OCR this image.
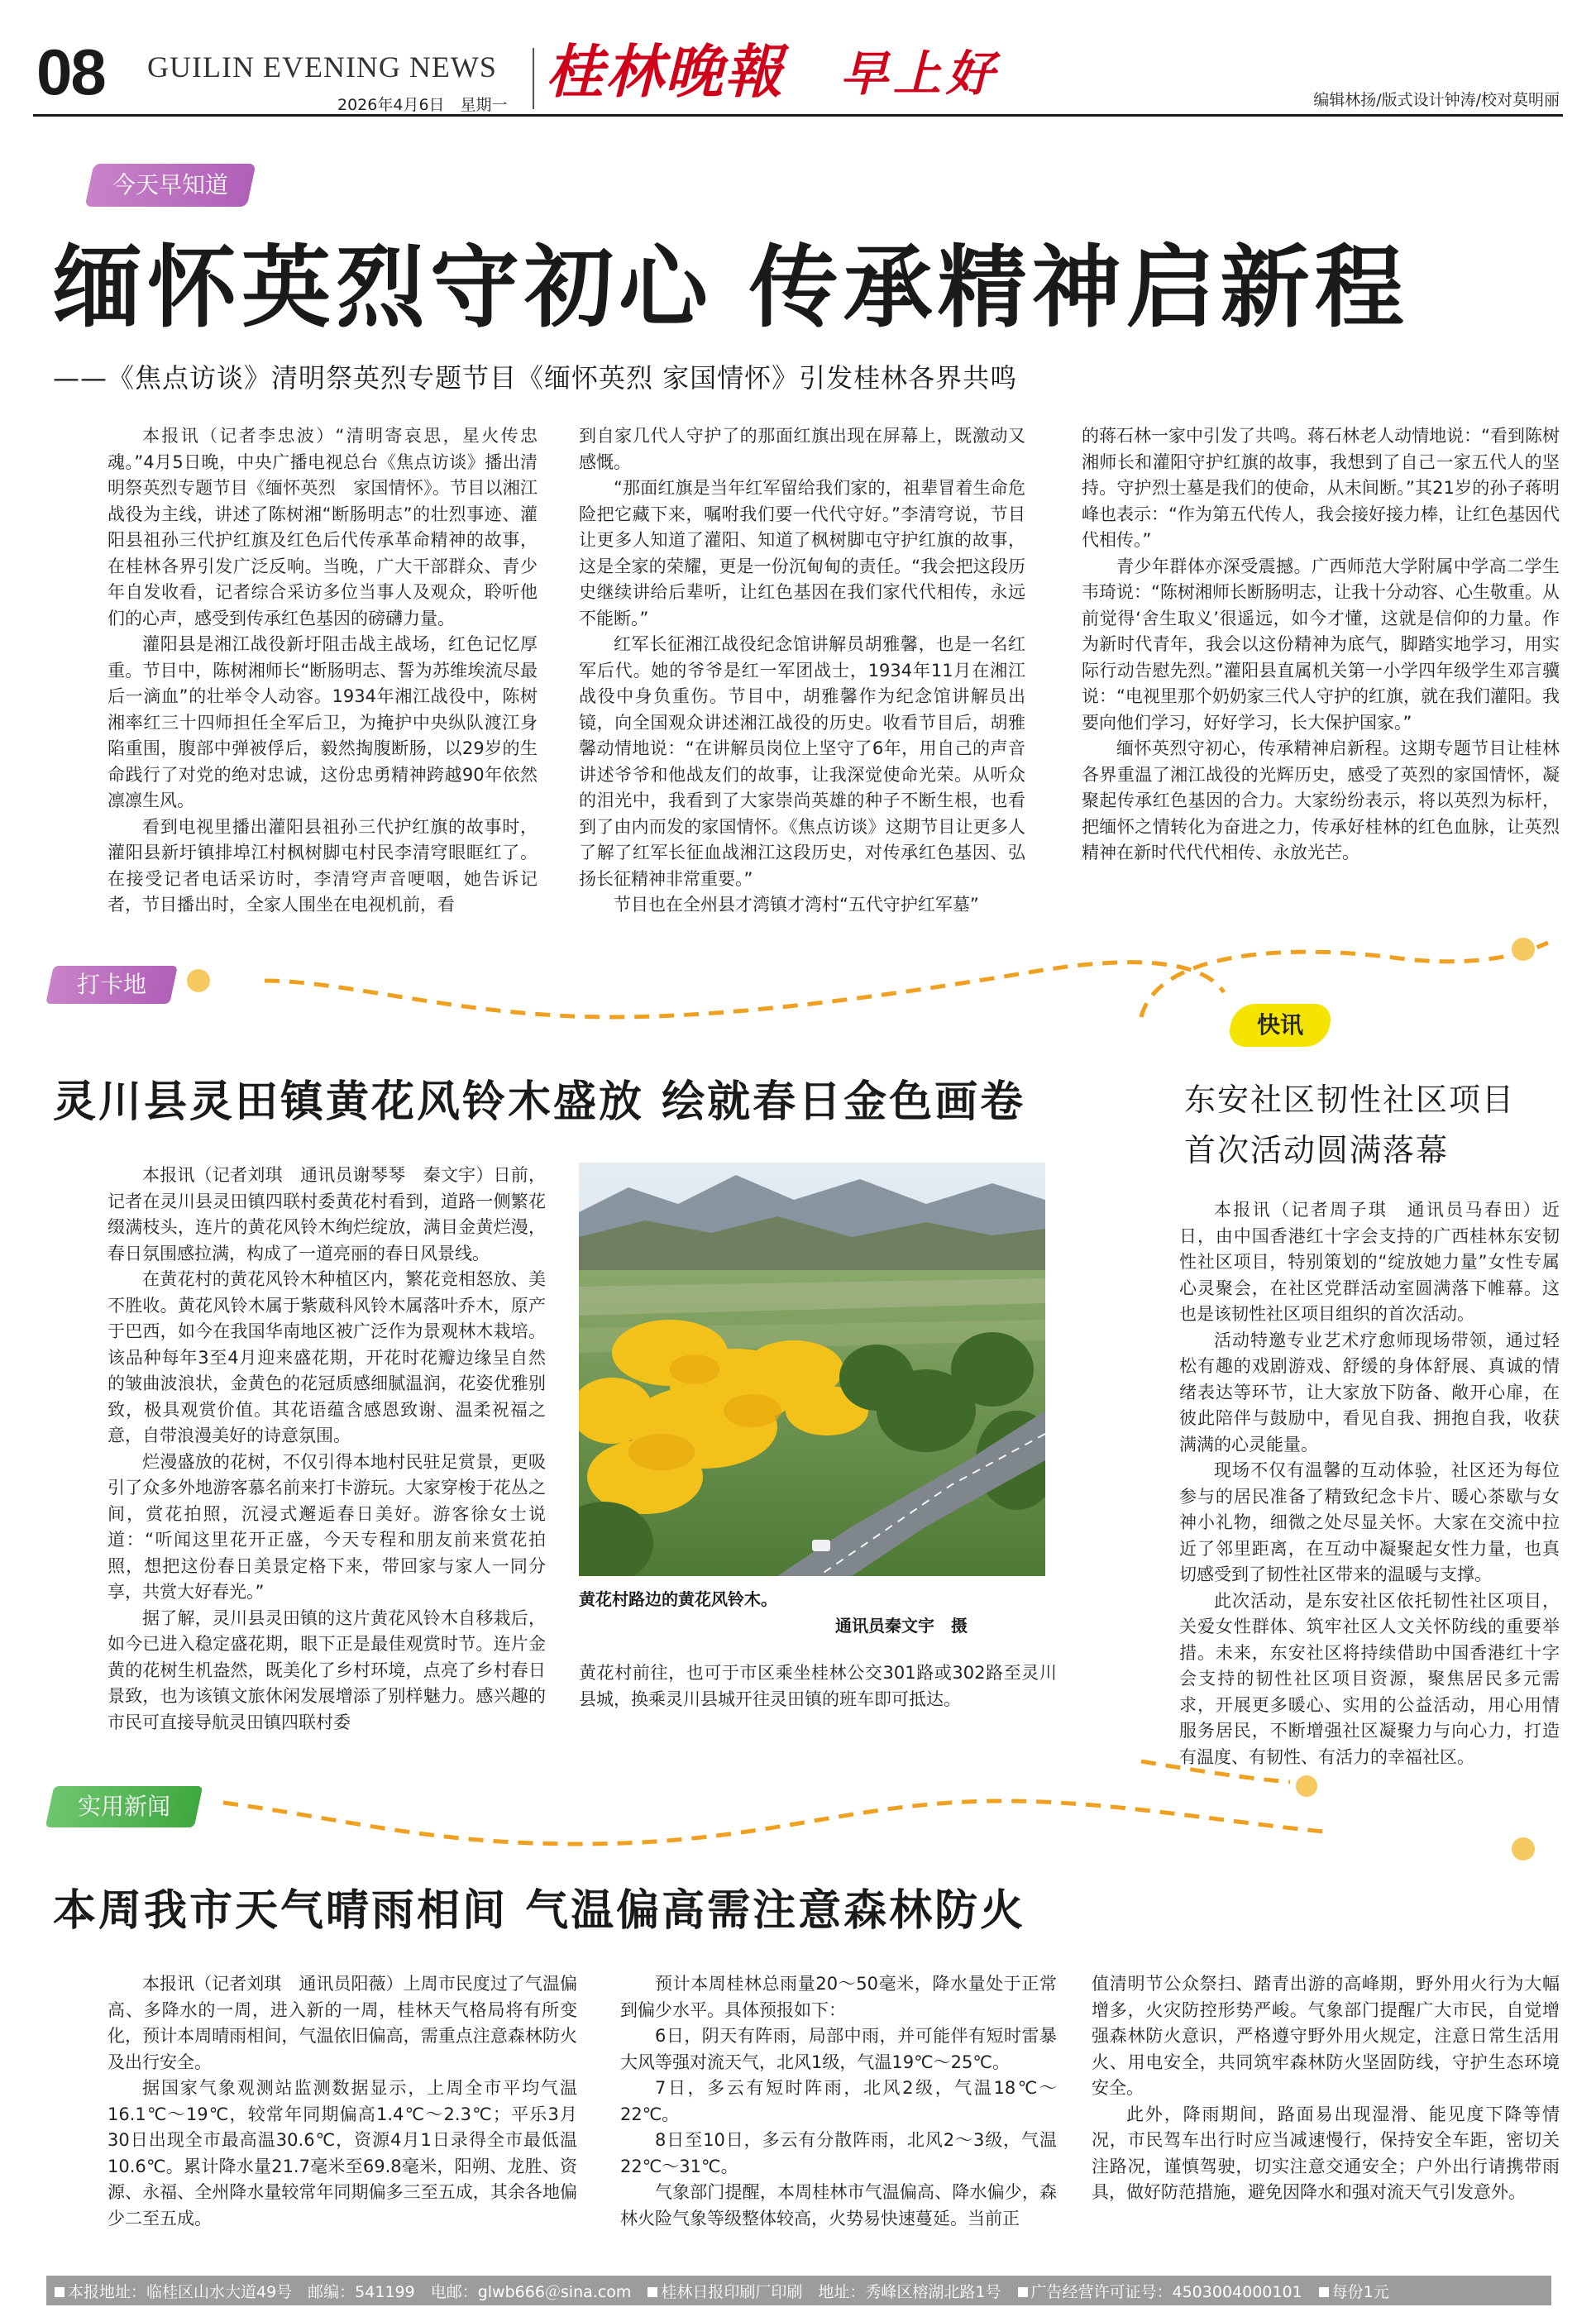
08 GUILIN EVENING NEWS
2026年4月6日　星期一 桂林晚報 早上好	编辑林扬/版式设计钟涛/校对莫明丽
今天早知道
缅怀英烈守初心 传承精神启新程
——《焦点访谈》清明祭英烈专题节目《缅怀英烈 家国情怀》引发桂林各界共鸣

本报讯（记者李忠波）“清明寄哀思，星火传忠魂。”4月5日晚，中央广播电视总台《焦点访谈》播出清明祭英烈专题节目《缅怀英烈　家国情怀》。节目以湘江战役为主线，讲述了陈树湘“断肠明志”的壮烈事迹、灌阳县祖孙三代护红旗及红色后代传承革命精神的故事，在桂林各界引发广泛反响。当晚，广大干部群众、青少年自发收看，记者综合采访多位当事人及观众，聆听他们的心声，感受到传承红色基因的磅礴力量。

灌阳县是湘江战役新圩阻击战主战场，红色记忆厚重。节目中，陈树湘师长“断肠明志、誓为苏维埃流尽最后一滴血”的壮举令人动容。1934年湘江战役中，陈树湘率红三十四师担任全军后卫，为掩护中央纵队渡江身陷重围，腹部中弹被俘后，毅然掏腹断肠，以29岁的生命践行了对党的绝对忠诚，这份忠勇精神跨越90年依然凛凛生风。

看到电视里播出灌阳县祖孙三代护红旗的故事时，灌阳县新圩镇排埠江村枫树脚屯村民李清穹眼眶红了。在接受记者电话采访时，李清穹声音哽咽，她告诉记者，节目播出时，全家人围坐在电视机前，看

到自家几代人守护了的那面红旗出现在屏幕上，既激动又感慨。

“那面红旗是当年红军留给我们家的，祖辈冒着生命危险把它藏下来，嘱咐我们要一代代守好。”李清穹说，节目让更多人知道了灌阳、知道了枫树脚屯守护红旗的故事，这是全家的荣耀，更是一份沉甸甸的责任。“我会把这段历史继续讲给后辈听，让红色基因在我们家代代相传，永远不能断。”

红军长征湘江战役纪念馆讲解员胡雅馨，也是一名红军后代。她的爷爷是红一军团战士，1934年11月在湘江战役中身负重伤。节目中，胡雅馨作为纪念馆讲解员出镜，向全国观众讲述湘江战役的历史。收看节目后，胡雅馨动情地说：“在讲解员岗位上坚守了6年，用自己的声音讲述爷爷和他战友们的故事，让我深觉使命光荣。从听众的泪光中，我看到了大家崇尚英雄的种子不断生根，也看到了由内而发的家国情怀。《焦点访谈》这期节目让更多人了解了红军长征血战湘江这段历史，对传承红色基因、弘扬长征精神非常重要。”

节目也在全州县才湾镇才湾村“五代守护红军墓”

的蒋石林一家中引发了共鸣。蒋石林老人动情地说：“看到陈树湘师长和灌阳守护红旗的故事，我想到了自己一家五代人的坚持。守护烈士墓是我们的使命，从未间断。”其21岁的孙子蒋明峰也表示：“作为第五代传人，我会接好接力棒，让红色基因代代相传。”

青少年群体亦深受震撼。广西师范大学附属中学高二学生韦琦说：“陈树湘师长断肠明志，让我十分动容、心生敬重。从前觉得‘舍生取义’很遥远，如今才懂，这就是信仰的力量。作为新时代青年，我会以这份精神为底气，脚踏实地学习，用实际行动告慰先烈。”灌阳县直属机关第一小学四年级学生邓言骥说：“电视里那个奶奶家三代人守护的红旗，就在我们灌阳。我要向他们学习，好好学习，长大保护国家。”

缅怀英烈守初心，传承精神启新程。这期专题节目让桂林各界重温了湘江战役的光辉历史，感受了英烈的家国情怀，凝聚起传承红色基因的合力。大家纷纷表示，将以英烈为标杆，把缅怀之情转化为奋进之力，传承好桂林的红色血脉，让英烈精神在新时代代代相传、永放光芒。

打卡地
灵川县灵田镇黄花风铃木盛放 绘就春日金色画卷

本报讯（记者刘琪　通讯员谢琴琴　秦文宇）日前，记者在灵川县灵田镇四联村委黄花村看到，道路一侧繁花缀满枝头，连片的黄花风铃木绚烂绽放，满目金黄烂漫，春日氛围感拉满，构成了一道亮丽的春日风景线。

在黄花村的黄花风铃木种植区内，繁花竞相怒放、美不胜收。黄花风铃木属于紫葳科风铃木属落叶乔木，原产于巴西，如今在我国华南地区被广泛作为景观林木栽培。该品种每年3至4月迎来盛花期，开花时花瓣边缘呈自然的皱曲波浪状，金黄色的花冠质感细腻温润，花姿优雅别致，极具观赏价值。其花语蕴含感恩致谢、温柔祝福之意，自带浪漫美好的诗意氛围。

烂漫盛放的花树，不仅引得本地村民驻足赏景，更吸引了众多外地游客慕名前来打卡游玩。大家穿梭于花丛之间，赏花拍照，沉浸式邂逅春日美好。游客徐女士说道：“听闻这里花开正盛，今天专程和朋友前来赏花拍照，想把这份春日美景定格下来，带回家与家人一同分享，共赏大好春光。”

据了解，灵川县灵田镇的这片黄花风铃木自移栽后，如今已进入稳定盛花期，眼下正是最佳观赏时节。连片金黄的花树生机盎然，既美化了乡村环境，点亮了乡村春日景致，也为该镇文旅休闲发展增添了别样魅力。感兴趣的市民可直接导航灵田镇四联村委

黄花村路边的黄花风铃木。
通讯员秦文宇　摄

黄花村前往，也可于市区乘坐桂林公交301路或302路至灵川县城，换乘灵川县城开往灵田镇的班车即可抵达。

快讯
东安社区韧性社区项目
首次活动圆满落幕

本报讯（记者周子琪　通讯员马春田）近日，由中国香港红十字会支持的广西桂林东安韧性社区项目，特别策划的“绽放她力量”女性专属心灵聚会，在社区党群活动室圆满落下帷幕。这也是该韧性社区项目组织的首次活动。

活动特邀专业艺术疗愈师现场带领，通过轻松有趣的戏剧游戏、舒缓的身体舒展、真诚的情绪表达等环节，让大家放下防备、敞开心扉，在彼此陪伴与鼓励中，看见自我、拥抱自我，收获满满的心灵能量。

现场不仅有温馨的互动体验，社区还为每位参与的居民准备了精致纪念卡片、暖心茶歇与女神小礼物，细微之处尽显关怀。大家在交流中拉近了邻里距离，在互动中凝聚起女性力量，也真切感受到了韧性社区带来的温暖与支撑。

此次活动，是东安社区依托韧性社区项目，关爱女性群体、筑牢社区人文关怀防线的重要举措。未来，东安社区将持续借助中国香港红十字会支持的韧性社区项目资源，聚焦居民多元需求，开展更多暖心、实用的公益活动，用心用情服务居民，不断增强社区凝聚力与向心力，打造有温度、有韧性、有活力的幸福社区。

实用新闻
本周我市天气晴雨相间 气温偏高需注意森林防火

本报讯（记者刘琪　通讯员阳薇）上周市民度过了气温偏高、多降水的一周，进入新的一周，桂林天气格局将有所变化，预计本周晴雨相间，气温依旧偏高，需重点注意森林防火及出行安全。

据国家气象观测站监测数据显示，上周全市平均气温16.1℃～19℃，较常年同期偏高1.4℃～2.3℃；平乐3月30日出现全市最高温30.6℃，资源4月1日录得全市最低温10.6℃。累计降水量21.7毫米至69.8毫米，阳朔、龙胜、资源、永福、全州降水量较常年同期偏多三至五成，其余各地偏少二至五成。

预计本周桂林总雨量20～50毫米，降水量处于正常到偏少水平。具体预报如下：

6日，阴天有阵雨，局部中雨，并可能伴有短时雷暴大风等强对流天气，北风1级，气温19℃～25℃。

7日，多云有短时阵雨，北风2级，气温18℃～22℃。

8日至10日，多云有分散阵雨，北风2～3级，气温22℃～31℃。

气象部门提醒，本周桂林市气温偏高、降水偏少，森林火险气象等级整体较高，火势易快速蔓延。当前正

值清明节公众祭扫、踏青出游的高峰期，野外用火行为大幅增多，火灾防控形势严峻。气象部门提醒广大市民，自觉增强森林防火意识，严格遵守野外用火规定，注意日常生活用火、用电安全，共同筑牢森林防火坚固防线，守护生态环境安全。

此外，降雨期间，路面易出现湿滑、能见度下降等情况，市民驾车出行时应当减速慢行，保持安全车距，密切关注路况，谨慎驾驶，切实注意交通安全；户外出行请携带雨具，做好防范措施，避免因降水和强对流天气引发意外。

本报地址：临桂区山水大道49号　邮编：541199　电邮：glwb666＠sina.com	桂林日报印刷厂印刷　地址：秀峰区榕湖北路1号	广告经营许可证号：4503004000101	每份1元
